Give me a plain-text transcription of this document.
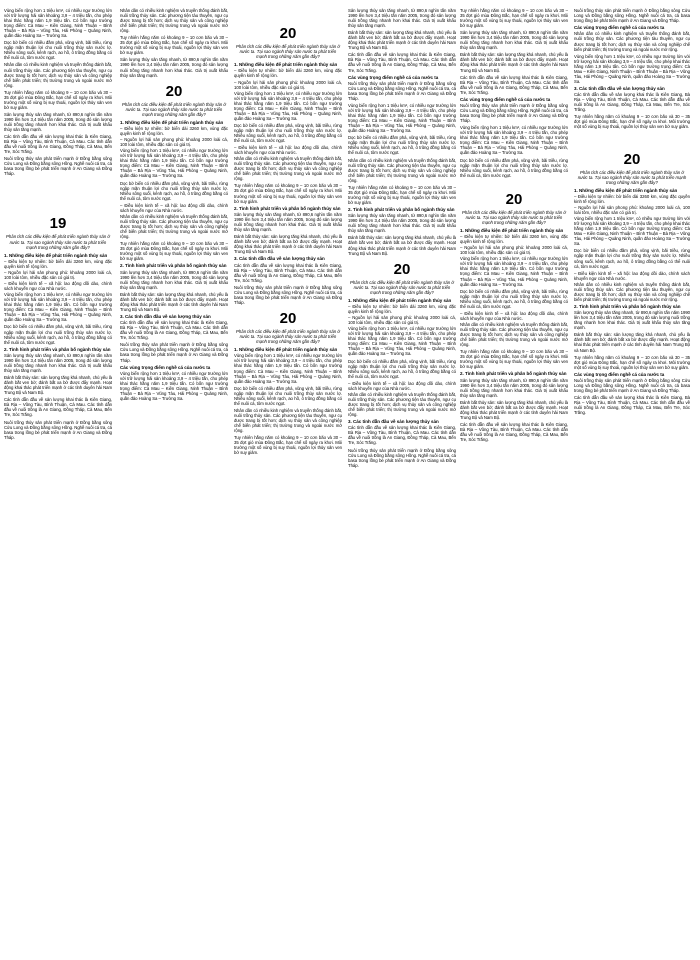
Vùng biển rộng hơn 1 triệu km², có nhiều ngư trường lớn với trữ lượng hải sản khoảng 3,9 – 4 triệu tấn, cho phép khai thác hằng năm 1,9 triệu tấn. Có bốn ngư trường trọng điểm: Cà Mau – Kiên Giang, Ninh Thuận – Bình Thuận – Bà Rịa – Vũng Tàu, Hải Phòng – Quảng Ninh, quần đảo Hoàng Sa – Trường Sa.

Dọc bờ biển có nhiều đầm phá, vũng vịnh, bãi triều, rừng ngập mặn thuận lợi cho nuôi trồng thủy sản nước lợ. Nhiều sông suối, kênh rạch, ao hồ, ô trũng đồng bằng có thể nuôi cá, tôm nước ngọt.

Nhân dân có nhiều kinh nghiệm và truyền thống đánh bắt, nuôi trồng thủy sản. Các phương tiện tàu thuyền, ngư cụ được trang bị tốt hơn; dịch vụ thủy sản và công nghiệp chế biến phát triển; thị trường trong và ngoài nước mở rộng.

Tuy nhiên hằng năm có khoảng 9 – 10 cơn bão và 30 – 35 đợt gió mùa Đông Bắc, hạn chế số ngày ra khơi. Môi trường một số vùng bị suy thoái, nguồn lợi thủy sản ven bờ suy giảm.

Sản lượng thủy sản tăng nhanh, từ 890,6 nghìn tấn năm 1990 lên hơn 3,4 triệu tấn năm 2005, trong đó sản lượng nuôi trồng tăng nhanh hơn khai thác. Giá trị xuất khẩu thủy sản tăng mạnh.

Các tỉnh dẫn đầu về sản lượng khai thác là Kiên Giang, Bà Rịa – Vũng Tàu, Bình Thuận, Cà Mau. Các tỉnh dẫn đầu về nuôi trồng là An Giang, Đồng Tháp, Cà Mau, Bến Tre, Sóc Trăng.

Nuôi trồng thủy sản phát triển mạnh ở Đồng bằng sông Cửu Long và Đồng bằng sông Hồng. Nghề nuôi cá tra, cá basa trong lồng bè phát triển mạnh ở An Giang và Đồng Tháp.

19

Phân tích các điều kiện để phát triển ngành thủy sản ở nước ta. Tại sao ngành thủy sản nước ta phát triển mạnh trong những năm gần đây?

1. Những điều kiện để phát triển ngành thủy sản

– Điều kiện tự nhiên: bờ biển dài 3260 km, vùng đặc quyền kinh tế rộng lớn.

– Nguồn lợi hải sản phong phú: khoảng 2000 loài cá, 100 loài tôm, nhiều đặc sản có giá trị.

– Điều kiện kinh tế – xã hội: lao động dồi dào, chính sách khuyến ngư của Nhà nước.

Vùng biển rộng hơn 1 triệu km², có nhiều ngư trường lớn với trữ lượng hải sản khoảng 3,9 – 4 triệu tấn, cho phép khai thác hằng năm 1,9 triệu tấn. Có bốn ngư trường trọng điểm: Cà Mau – Kiên Giang, Ninh Thuận – Bình Thuận – Bà Rịa – Vũng Tàu, Hải Phòng – Quảng Ninh, quần đảo Hoàng Sa – Trường Sa.

Dọc bờ biển có nhiều đầm phá, vũng vịnh, bãi triều, rừng ngập mặn thuận lợi cho nuôi trồng thủy sản nước lợ. Nhiều sông suối, kênh rạch, ao hồ, ô trũng đồng bằng có thể nuôi cá, tôm nước ngọt.

2. Tình hình phát triển và phân bố ngành thủy sản

Sản lượng thủy sản tăng nhanh, từ 890,6 nghìn tấn năm 1990 lên hơn 3,4 triệu tấn năm 2005, trong đó sản lượng nuôi trồng tăng nhanh hơn khai thác. Giá trị xuất khẩu thủy sản tăng mạnh.

Đánh bắt thủy sản: sản lượng tăng khá nhanh, chủ yếu là đánh bắt ven bờ; đánh bắt xa bờ được đẩy mạnh. Hoạt động khai thác phát triển mạnh ở các tỉnh duyên hải Nam Trung Bộ và Nam Bộ.

Các tỉnh dẫn đầu về sản lượng khai thác là Kiên Giang, Bà Rịa – Vũng Tàu, Bình Thuận, Cà Mau. Các tỉnh dẫn đầu về nuôi trồng là An Giang, Đồng Tháp, Cà Mau, Bến Tre, Sóc Trăng.

Nuôi trồng thủy sản phát triển mạnh ở Đồng bằng sông Cửu Long và Đồng bằng sông Hồng. Nghề nuôi cá tra, cá basa trong lồng bè phát triển mạnh ở An Giang và Đồng Tháp.

Nhân dân có nhiều kinh nghiệm và truyền thống đánh bắt, nuôi trồng thủy sản. Các phương tiện tàu thuyền, ngư cụ được trang bị tốt hơn; dịch vụ thủy sản và công nghiệp chế biến phát triển; thị trường trong và ngoài nước mở rộng.

Tuy nhiên hằng năm có khoảng 9 – 10 cơn bão và 30 – 35 đợt gió mùa Đông Bắc, hạn chế số ngày ra khơi. Môi trường một số vùng bị suy thoái, nguồn lợi thủy sản ven bờ suy giảm.

Sản lượng thủy sản tăng nhanh, từ 890,6 nghìn tấn năm 1990 lên hơn 3,4 triệu tấn năm 2005, trong đó sản lượng nuôi trồng tăng nhanh hơn khai thác. Giá trị xuất khẩu thủy sản tăng mạnh.

20

Phân tích các điều kiện để phát triển ngành thủy sản ở nước ta. Tại sao ngành thủy sản nước ta phát triển mạnh trong những năm gần đây?

1. Những điều kiện để phát triển ngành thủy sản

– Điều kiện tự nhiên: bờ biển dài 3260 km, vùng đặc quyền kinh tế rộng lớn.

– Nguồn lợi hải sản phong phú: khoảng 2000 loài cá, 100 loài tôm, nhiều đặc sản có giá trị.

Vùng biển rộng hơn 1 triệu km², có nhiều ngư trường lớn với trữ lượng hải sản khoảng 3,9 – 4 triệu tấn, cho phép khai thác hằng năm 1,9 triệu tấn. Có bốn ngư trường trọng điểm: Cà Mau – Kiên Giang, Ninh Thuận – Bình Thuận – Bà Rịa – Vũng Tàu, Hải Phòng – Quảng Ninh, quần đảo Hoàng Sa – Trường Sa.

Dọc bờ biển có nhiều đầm phá, vũng vịnh, bãi triều, rừng ngập mặn thuận lợi cho nuôi trồng thủy sản nước lợ. Nhiều sông suối, kênh rạch, ao hồ, ô trũng đồng bằng có thể nuôi cá, tôm nước ngọt.

– Điều kiện kinh tế – xã hội: lao động dồi dào, chính sách khuyến ngư của Nhà nước.

Nhân dân có nhiều kinh nghiệm và truyền thống đánh bắt, nuôi trồng thủy sản. Các phương tiện tàu thuyền, ngư cụ được trang bị tốt hơn; dịch vụ thủy sản và công nghiệp chế biến phát triển; thị trường trong và ngoài nước mở rộng.

Tuy nhiên hằng năm có khoảng 9 – 10 cơn bão và 30 – 35 đợt gió mùa Đông Bắc, hạn chế số ngày ra khơi. Môi trường một số vùng bị suy thoái, nguồn lợi thủy sản ven bờ suy giảm.

2. Tình hình phát triển và phân bố ngành thủy sản

Sản lượng thủy sản tăng nhanh, từ 890,6 nghìn tấn năm 1990 lên hơn 3,4 triệu tấn năm 2005, trong đó sản lượng nuôi trồng tăng nhanh hơn khai thác. Giá trị xuất khẩu thủy sản tăng mạnh.

Đánh bắt thủy sản: sản lượng tăng khá nhanh, chủ yếu là đánh bắt ven bờ; đánh bắt xa bờ được đẩy mạnh. Hoạt động khai thác phát triển mạnh ở các tỉnh duyên hải Nam Trung Bộ và Nam Bộ.

3. Các tỉnh dẫn đầu về sản lượng thủy sản

Các tỉnh dẫn đầu về sản lượng khai thác là Kiên Giang, Bà Rịa – Vũng Tàu, Bình Thuận, Cà Mau. Các tỉnh dẫn đầu về nuôi trồng là An Giang, Đồng Tháp, Cà Mau, Bến Tre, Sóc Trăng.

Nuôi trồng thủy sản phát triển mạnh ở Đồng bằng sông Cửu Long và Đồng bằng sông Hồng. Nghề nuôi cá tra, cá basa trong lồng bè phát triển mạnh ở An Giang và Đồng Tháp.

Các vùng trọng điểm nghề cá của nước ta

Vùng biển rộng hơn 1 triệu km², có nhiều ngư trường lớn với trữ lượng hải sản khoảng 3,9 – 4 triệu tấn, cho phép khai thác hằng năm 1,9 triệu tấn. Có bốn ngư trường trọng điểm: Cà Mau – Kiên Giang, Ninh Thuận – Bình Thuận – Bà Rịa – Vũng Tàu, Hải Phòng – Quảng Ninh, quần đảo Hoàng Sa – Trường Sa.

20

Phân tích các điều kiện để phát triển ngành thủy sản ở nước ta. Tại sao ngành thủy sản nước ta phát triển mạnh trong những năm gần đây?

1. Những điều kiện để phát triển ngành thủy sản

– Điều kiện tự nhiên: bờ biển dài 3260 km, vùng đặc quyền kinh tế rộng lớn.

– Nguồn lợi hải sản phong phú: khoảng 2000 loài cá, 100 loài tôm, nhiều đặc sản có giá trị.

Vùng biển rộng hơn 1 triệu km², có nhiều ngư trường lớn với trữ lượng hải sản khoảng 3,9 – 4 triệu tấn, cho phép khai thác hằng năm 1,9 triệu tấn. Có bốn ngư trường trọng điểm: Cà Mau – Kiên Giang, Ninh Thuận – Bình Thuận – Bà Rịa – Vũng Tàu, Hải Phòng – Quảng Ninh, quần đảo Hoàng Sa – Trường Sa.

Dọc bờ biển có nhiều đầm phá, vũng vịnh, bãi triều, rừng ngập mặn thuận lợi cho nuôi trồng thủy sản nước lợ. Nhiều sông suối, kênh rạch, ao hồ, ô trũng đồng bằng có thể nuôi cá, tôm nước ngọt.

– Điều kiện kinh tế – xã hội: lao động dồi dào, chính sách khuyến ngư của Nhà nước.

Nhân dân có nhiều kinh nghiệm và truyền thống đánh bắt, nuôi trồng thủy sản. Các phương tiện tàu thuyền, ngư cụ được trang bị tốt hơn; dịch vụ thủy sản và công nghiệp chế biến phát triển; thị trường trong và ngoài nước mở rộng.

Tuy nhiên hằng năm có khoảng 9 – 10 cơn bão và 30 – 35 đợt gió mùa Đông Bắc, hạn chế số ngày ra khơi. Môi trường một số vùng bị suy thoái, nguồn lợi thủy sản ven bờ suy giảm.

2. Tình hình phát triển và phân bố ngành thủy sản

Sản lượng thủy sản tăng nhanh, từ 890,6 nghìn tấn năm 1990 lên hơn 3,4 triệu tấn năm 2005, trong đó sản lượng nuôi trồng tăng nhanh hơn khai thác. Giá trị xuất khẩu thủy sản tăng mạnh.

Đánh bắt thủy sản: sản lượng tăng khá nhanh, chủ yếu là đánh bắt ven bờ; đánh bắt xa bờ được đẩy mạnh. Hoạt động khai thác phát triển mạnh ở các tỉnh duyên hải Nam Trung Bộ và Nam Bộ.

3. Các tỉnh dẫn đầu về sản lượng thủy sản

Các tỉnh dẫn đầu về sản lượng khai thác là Kiên Giang, Bà Rịa – Vũng Tàu, Bình Thuận, Cà Mau. Các tỉnh dẫn đầu về nuôi trồng là An Giang, Đồng Tháp, Cà Mau, Bến Tre, Sóc Trăng.

Nuôi trồng thủy sản phát triển mạnh ở Đồng bằng sông Cửu Long và Đồng bằng sông Hồng. Nghề nuôi cá tra, cá basa trong lồng bè phát triển mạnh ở An Giang và Đồng Tháp.

20

Phân tích các điều kiện để phát triển ngành thủy sản ở nước ta. Tại sao ngành thủy sản nước ta phát triển mạnh trong những năm gần đây?

1. Những điều kiện để phát triển ngành thủy sản

Vùng biển rộng hơn 1 triệu km², có nhiều ngư trường lớn với trữ lượng hải sản khoảng 3,9 – 4 triệu tấn, cho phép khai thác hằng năm 1,9 triệu tấn. Có bốn ngư trường trọng điểm: Cà Mau – Kiên Giang, Ninh Thuận – Bình Thuận – Bà Rịa – Vũng Tàu, Hải Phòng – Quảng Ninh, quần đảo Hoàng Sa – Trường Sa.

Dọc bờ biển có nhiều đầm phá, vũng vịnh, bãi triều, rừng ngập mặn thuận lợi cho nuôi trồng thủy sản nước lợ. Nhiều sông suối, kênh rạch, ao hồ, ô trũng đồng bằng có thể nuôi cá, tôm nước ngọt.

Nhân dân có nhiều kinh nghiệm và truyền thống đánh bắt, nuôi trồng thủy sản. Các phương tiện tàu thuyền, ngư cụ được trang bị tốt hơn; dịch vụ thủy sản và công nghiệp chế biến phát triển; thị trường trong và ngoài nước mở rộng.

Tuy nhiên hằng năm có khoảng 9 – 10 cơn bão và 30 – 35 đợt gió mùa Đông Bắc, hạn chế số ngày ra khơi. Môi trường một số vùng bị suy thoái, nguồn lợi thủy sản ven bờ suy giảm.

Sản lượng thủy sản tăng nhanh, từ 890,6 nghìn tấn năm 1990 lên hơn 3,4 triệu tấn năm 2005, trong đó sản lượng nuôi trồng tăng nhanh hơn khai thác. Giá trị xuất khẩu thủy sản tăng mạnh.

Đánh bắt thủy sản: sản lượng tăng khá nhanh, chủ yếu là đánh bắt ven bờ; đánh bắt xa bờ được đẩy mạnh. Hoạt động khai thác phát triển mạnh ở các tỉnh duyên hải Nam Trung Bộ và Nam Bộ.

Các tỉnh dẫn đầu về sản lượng khai thác là Kiên Giang, Bà Rịa – Vũng Tàu, Bình Thuận, Cà Mau. Các tỉnh dẫn đầu về nuôi trồng là An Giang, Đồng Tháp, Cà Mau, Bến Tre, Sóc Trăng.

Các vùng trọng điểm nghề cá của nước ta

Nuôi trồng thủy sản phát triển mạnh ở Đồng bằng sông Cửu Long và Đồng bằng sông Hồng. Nghề nuôi cá tra, cá basa trong lồng bè phát triển mạnh ở An Giang và Đồng Tháp.

Vùng biển rộng hơn 1 triệu km², có nhiều ngư trường lớn với trữ lượng hải sản khoảng 3,9 – 4 triệu tấn, cho phép khai thác hằng năm 1,9 triệu tấn. Có bốn ngư trường trọng điểm: Cà Mau – Kiên Giang, Ninh Thuận – Bình Thuận – Bà Rịa – Vũng Tàu, Hải Phòng – Quảng Ninh, quần đảo Hoàng Sa – Trường Sa.

Dọc bờ biển có nhiều đầm phá, vũng vịnh, bãi triều, rừng ngập mặn thuận lợi cho nuôi trồng thủy sản nước lợ. Nhiều sông suối, kênh rạch, ao hồ, ô trũng đồng bằng có thể nuôi cá, tôm nước ngọt.

Nhân dân có nhiều kinh nghiệm và truyền thống đánh bắt, nuôi trồng thủy sản. Các phương tiện tàu thuyền, ngư cụ được trang bị tốt hơn; dịch vụ thủy sản và công nghiệp chế biến phát triển; thị trường trong và ngoài nước mở rộng.

Tuy nhiên hằng năm có khoảng 9 – 10 cơn bão và 30 – 35 đợt gió mùa Đông Bắc, hạn chế số ngày ra khơi. Môi trường một số vùng bị suy thoái, nguồn lợi thủy sản ven bờ suy giảm.

2. Tình hình phát triển và phân bố ngành thủy sản

Sản lượng thủy sản tăng nhanh, từ 890,6 nghìn tấn năm 1990 lên hơn 3,4 triệu tấn năm 2005, trong đó sản lượng nuôi trồng tăng nhanh hơn khai thác. Giá trị xuất khẩu thủy sản tăng mạnh.

Đánh bắt thủy sản: sản lượng tăng khá nhanh, chủ yếu là đánh bắt ven bờ; đánh bắt xa bờ được đẩy mạnh. Hoạt động khai thác phát triển mạnh ở các tỉnh duyên hải Nam Trung Bộ và Nam Bộ.

20

Phân tích các điều kiện để phát triển ngành thủy sản ở nước ta. Tại sao ngành thủy sản nước ta phát triển mạnh trong những năm gần đây?

1. Những điều kiện để phát triển ngành thủy sản

– Điều kiện tự nhiên: bờ biển dài 3260 km, vùng đặc quyền kinh tế rộng lớn.

– Nguồn lợi hải sản phong phú: khoảng 2000 loài cá, 100 loài tôm, nhiều đặc sản có giá trị.

Vùng biển rộng hơn 1 triệu km², có nhiều ngư trường lớn với trữ lượng hải sản khoảng 3,9 – 4 triệu tấn, cho phép khai thác hằng năm 1,9 triệu tấn. Có bốn ngư trường trọng điểm: Cà Mau – Kiên Giang, Ninh Thuận – Bình Thuận – Bà Rịa – Vũng Tàu, Hải Phòng – Quảng Ninh, quần đảo Hoàng Sa – Trường Sa.

Dọc bờ biển có nhiều đầm phá, vũng vịnh, bãi triều, rừng ngập mặn thuận lợi cho nuôi trồng thủy sản nước lợ. Nhiều sông suối, kênh rạch, ao hồ, ô trũng đồng bằng có thể nuôi cá, tôm nước ngọt.

– Điều kiện kinh tế – xã hội: lao động dồi dào, chính sách khuyến ngư của Nhà nước.

Nhân dân có nhiều kinh nghiệm và truyền thống đánh bắt, nuôi trồng thủy sản. Các phương tiện tàu thuyền, ngư cụ được trang bị tốt hơn; dịch vụ thủy sản và công nghiệp chế biến phát triển; thị trường trong và ngoài nước mở rộng.

3. Các tỉnh dẫn đầu về sản lượng thủy sản

Các tỉnh dẫn đầu về sản lượng khai thác là Kiên Giang, Bà Rịa – Vũng Tàu, Bình Thuận, Cà Mau. Các tỉnh dẫn đầu về nuôi trồng là An Giang, Đồng Tháp, Cà Mau, Bến Tre, Sóc Trăng.

Nuôi trồng thủy sản phát triển mạnh ở Đồng bằng sông Cửu Long và Đồng bằng sông Hồng. Nghề nuôi cá tra, cá basa trong lồng bè phát triển mạnh ở An Giang và Đồng Tháp.

Tuy nhiên hằng năm có khoảng 9 – 10 cơn bão và 30 – 35 đợt gió mùa Đông Bắc, hạn chế số ngày ra khơi. Môi trường một số vùng bị suy thoái, nguồn lợi thủy sản ven bờ suy giảm.

Sản lượng thủy sản tăng nhanh, từ 890,6 nghìn tấn năm 1990 lên hơn 3,4 triệu tấn năm 2005, trong đó sản lượng nuôi trồng tăng nhanh hơn khai thác. Giá trị xuất khẩu thủy sản tăng mạnh.

Đánh bắt thủy sản: sản lượng tăng khá nhanh, chủ yếu là đánh bắt ven bờ; đánh bắt xa bờ được đẩy mạnh. Hoạt động khai thác phát triển mạnh ở các tỉnh duyên hải Nam Trung Bộ và Nam Bộ.

Các tỉnh dẫn đầu về sản lượng khai thác là Kiên Giang, Bà Rịa – Vũng Tàu, Bình Thuận, Cà Mau. Các tỉnh dẫn đầu về nuôi trồng là An Giang, Đồng Tháp, Cà Mau, Bến Tre, Sóc Trăng.

Các vùng trọng điểm nghề cá của nước ta

Nuôi trồng thủy sản phát triển mạnh ở Đồng bằng sông Cửu Long và Đồng bằng sông Hồng. Nghề nuôi cá tra, cá basa trong lồng bè phát triển mạnh ở An Giang và Đồng Tháp.

Vùng biển rộng hơn 1 triệu km², có nhiều ngư trường lớn với trữ lượng hải sản khoảng 3,9 – 4 triệu tấn, cho phép khai thác hằng năm 1,9 triệu tấn. Có bốn ngư trường trọng điểm: Cà Mau – Kiên Giang, Ninh Thuận – Bình Thuận – Bà Rịa – Vũng Tàu, Hải Phòng – Quảng Ninh, quần đảo Hoàng Sa – Trường Sa.

Dọc bờ biển có nhiều đầm phá, vũng vịnh, bãi triều, rừng ngập mặn thuận lợi cho nuôi trồng thủy sản nước lợ. Nhiều sông suối, kênh rạch, ao hồ, ô trũng đồng bằng có thể nuôi cá, tôm nước ngọt.

20

Phân tích các điều kiện để phát triển ngành thủy sản ở nước ta. Tại sao ngành thủy sản nước ta phát triển mạnh trong những năm gần đây?

1. Những điều kiện để phát triển ngành thủy sản

– Điều kiện tự nhiên: bờ biển dài 3260 km, vùng đặc quyền kinh tế rộng lớn.

– Nguồn lợi hải sản phong phú: khoảng 2000 loài cá, 100 loài tôm, nhiều đặc sản có giá trị.

Vùng biển rộng hơn 1 triệu km², có nhiều ngư trường lớn với trữ lượng hải sản khoảng 3,9 – 4 triệu tấn, cho phép khai thác hằng năm 1,9 triệu tấn. Có bốn ngư trường trọng điểm: Cà Mau – Kiên Giang, Ninh Thuận – Bình Thuận – Bà Rịa – Vũng Tàu, Hải Phòng – Quảng Ninh, quần đảo Hoàng Sa – Trường Sa.

Dọc bờ biển có nhiều đầm phá, vũng vịnh, bãi triều, rừng ngập mặn thuận lợi cho nuôi trồng thủy sản nước lợ. Nhiều sông suối, kênh rạch, ao hồ, ô trũng đồng bằng có thể nuôi cá, tôm nước ngọt.

– Điều kiện kinh tế – xã hội: lao động dồi dào, chính sách khuyến ngư của Nhà nước.

Nhân dân có nhiều kinh nghiệm và truyền thống đánh bắt, nuôi trồng thủy sản. Các phương tiện tàu thuyền, ngư cụ được trang bị tốt hơn; dịch vụ thủy sản và công nghiệp chế biến phát triển; thị trường trong và ngoài nước mở rộng.

Tuy nhiên hằng năm có khoảng 9 – 10 cơn bão và 30 – 35 đợt gió mùa Đông Bắc, hạn chế số ngày ra khơi. Môi trường một số vùng bị suy thoái, nguồn lợi thủy sản ven bờ suy giảm.

2. Tình hình phát triển và phân bố ngành thủy sản

Sản lượng thủy sản tăng nhanh, từ 890,6 nghìn tấn năm 1990 lên hơn 3,4 triệu tấn năm 2005, trong đó sản lượng nuôi trồng tăng nhanh hơn khai thác. Giá trị xuất khẩu thủy sản tăng mạnh.

Đánh bắt thủy sản: sản lượng tăng khá nhanh, chủ yếu là đánh bắt ven bờ; đánh bắt xa bờ được đẩy mạnh. Hoạt động khai thác phát triển mạnh ở các tỉnh duyên hải Nam Trung Bộ và Nam Bộ.

Các tỉnh dẫn đầu về sản lượng khai thác là Kiên Giang, Bà Rịa – Vũng Tàu, Bình Thuận, Cà Mau. Các tỉnh dẫn đầu về nuôi trồng là An Giang, Đồng Tháp, Cà Mau, Bến Tre, Sóc Trăng.

Nuôi trồng thủy sản phát triển mạnh ở Đồng bằng sông Cửu Long và Đồng bằng sông Hồng. Nghề nuôi cá tra, cá basa trong lồng bè phát triển mạnh ở An Giang và Đồng Tháp.

Các vùng trọng điểm nghề cá của nước ta

Nhân dân có nhiều kinh nghiệm và truyền thống đánh bắt, nuôi trồng thủy sản. Các phương tiện tàu thuyền, ngư cụ được trang bị tốt hơn; dịch vụ thủy sản và công nghiệp chế biến phát triển; thị trường trong và ngoài nước mở rộng.

Vùng biển rộng hơn 1 triệu km², có nhiều ngư trường lớn với trữ lượng hải sản khoảng 3,9 – 4 triệu tấn, cho phép khai thác hằng năm 1,9 triệu tấn. Có bốn ngư trường trọng điểm: Cà Mau – Kiên Giang, Ninh Thuận – Bình Thuận – Bà Rịa – Vũng Tàu, Hải Phòng – Quảng Ninh, quần đảo Hoàng Sa – Trường Sa.

3. Các tỉnh dẫn đầu về sản lượng thủy sản

Các tỉnh dẫn đầu về sản lượng khai thác là Kiên Giang, Bà Rịa – Vũng Tàu, Bình Thuận, Cà Mau. Các tỉnh dẫn đầu về nuôi trồng là An Giang, Đồng Tháp, Cà Mau, Bến Tre, Sóc Trăng.

Tuy nhiên hằng năm có khoảng 9 – 10 cơn bão và 30 – 35 đợt gió mùa Đông Bắc, hạn chế số ngày ra khơi. Môi trường một số vùng bị suy thoái, nguồn lợi thủy sản ven bờ suy giảm.

20

Phân tích các điều kiện để phát triển ngành thủy sản ở nước ta. Tại sao ngành thủy sản nước ta phát triển mạnh trong những năm gần đây?

1. Những điều kiện để phát triển ngành thủy sản

– Điều kiện tự nhiên: bờ biển dài 3260 km, vùng đặc quyền kinh tế rộng lớn.

– Nguồn lợi hải sản phong phú: khoảng 2000 loài cá, 100 loài tôm, nhiều đặc sản có giá trị.

Vùng biển rộng hơn 1 triệu km², có nhiều ngư trường lớn với trữ lượng hải sản khoảng 3,9 – 4 triệu tấn, cho phép khai thác hằng năm 1,9 triệu tấn. Có bốn ngư trường trọng điểm: Cà Mau – Kiên Giang, Ninh Thuận – Bình Thuận – Bà Rịa – Vũng Tàu, Hải Phòng – Quảng Ninh, quần đảo Hoàng Sa – Trường Sa.

Dọc bờ biển có nhiều đầm phá, vũng vịnh, bãi triều, rừng ngập mặn thuận lợi cho nuôi trồng thủy sản nước lợ. Nhiều sông suối, kênh rạch, ao hồ, ô trũng đồng bằng có thể nuôi cá, tôm nước ngọt.

– Điều kiện kinh tế – xã hội: lao động dồi dào, chính sách khuyến ngư của Nhà nước.

Nhân dân có nhiều kinh nghiệm và truyền thống đánh bắt, nuôi trồng thủy sản. Các phương tiện tàu thuyền, ngư cụ được trang bị tốt hơn; dịch vụ thủy sản và công nghiệp chế biến phát triển; thị trường trong và ngoài nước mở rộng.

2. Tình hình phát triển và phân bố ngành thủy sản

Sản lượng thủy sản tăng nhanh, từ 890,6 nghìn tấn năm 1990 lên hơn 3,4 triệu tấn năm 2005, trong đó sản lượng nuôi trồng tăng nhanh hơn khai thác. Giá trị xuất khẩu thủy sản tăng mạnh.

Đánh bắt thủy sản: sản lượng tăng khá nhanh, chủ yếu là đánh bắt ven bờ; đánh bắt xa bờ được đẩy mạnh. Hoạt động khai thác phát triển mạnh ở các tỉnh duyên hải Nam Trung Bộ và Nam Bộ.

Tuy nhiên hằng năm có khoảng 9 – 10 cơn bão và 30 – 35 đợt gió mùa Đông Bắc, hạn chế số ngày ra khơi. Môi trường một số vùng bị suy thoái, nguồn lợi thủy sản ven bờ suy giảm.

Các vùng trọng điểm nghề cá của nước ta

Nuôi trồng thủy sản phát triển mạnh ở Đồng bằng sông Cửu Long và Đồng bằng sông Hồng. Nghề nuôi cá tra, cá basa trong lồng bè phát triển mạnh ở An Giang và Đồng Tháp.

Các tỉnh dẫn đầu về sản lượng khai thác là Kiên Giang, Bà Rịa – Vũng Tàu, Bình Thuận, Cà Mau. Các tỉnh dẫn đầu về nuôi trồng là An Giang, Đồng Tháp, Cà Mau, Bến Tre, Sóc Trăng.
